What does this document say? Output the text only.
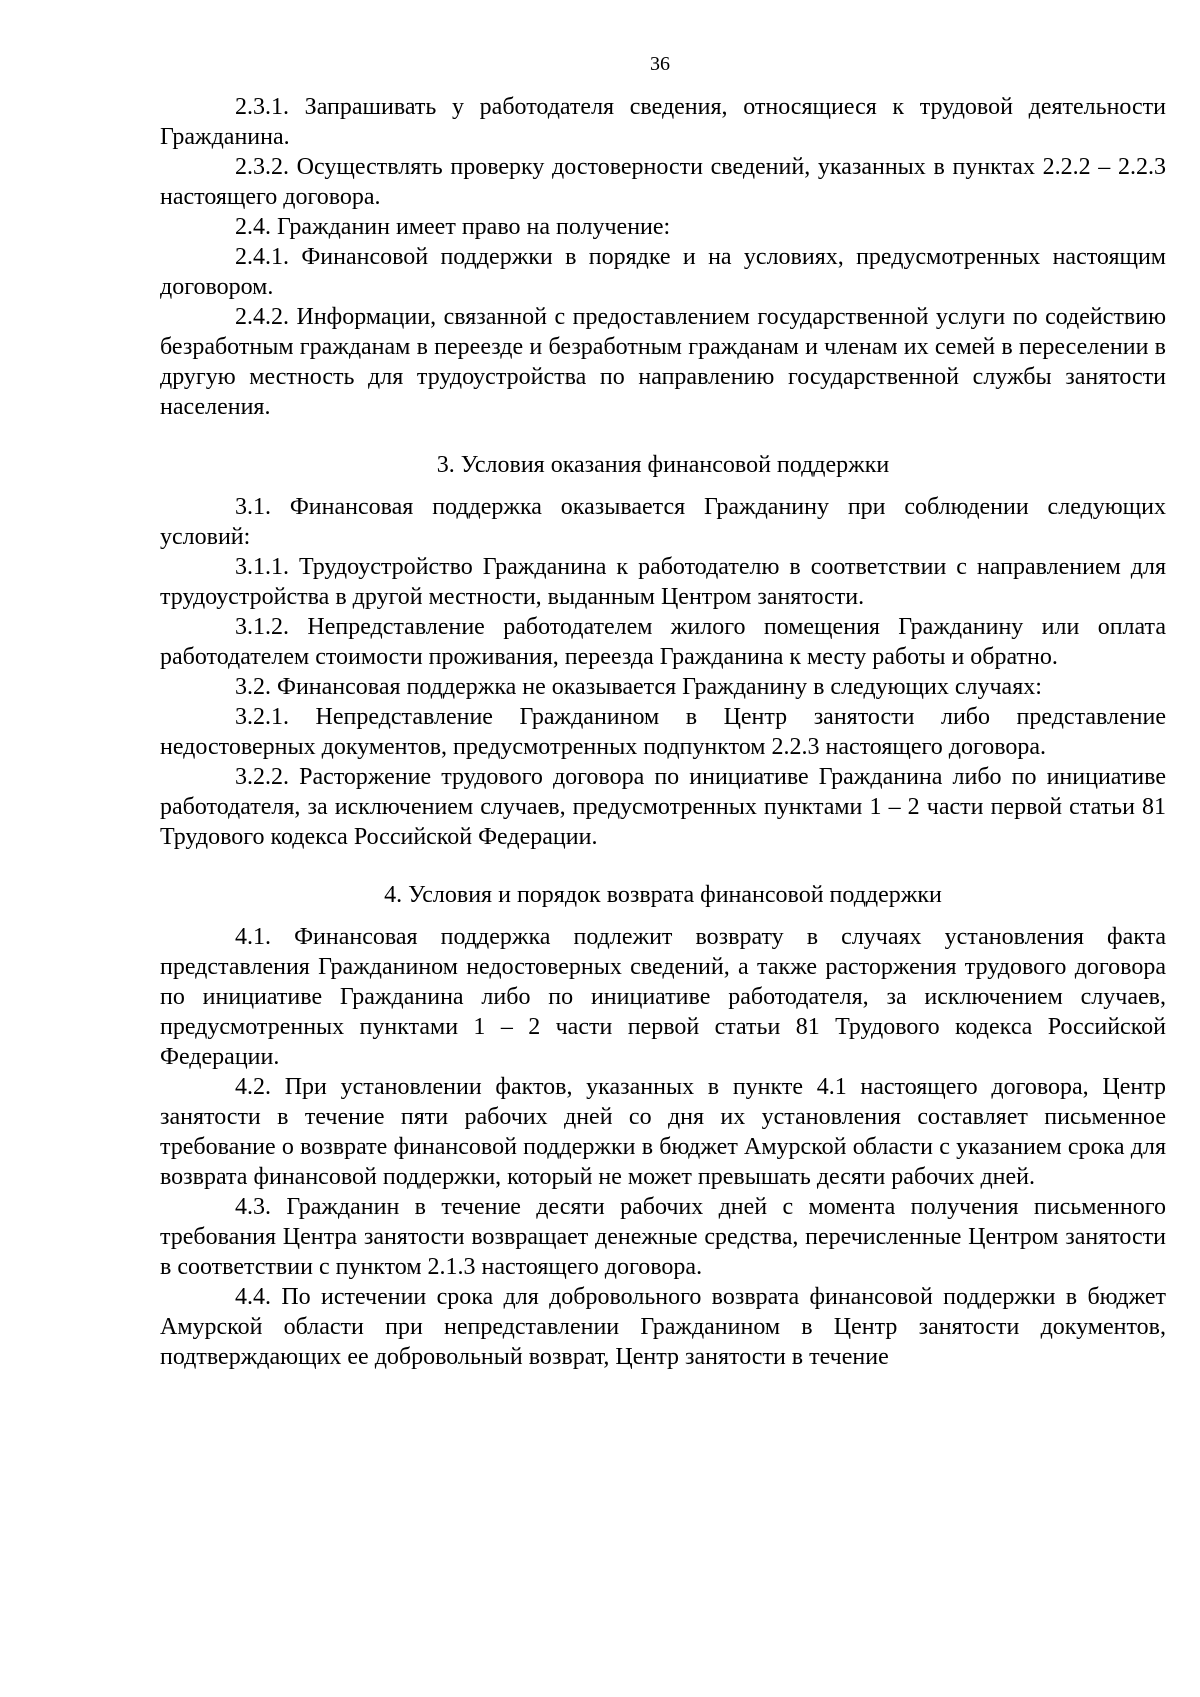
36

2.3.1. Запрашивать у работодателя сведения, относящиеся к трудовой деятельности Гражданина.

2.3.2. Осуществлять проверку достоверности сведений, указанных в пунктах 2.2.2 – 2.2.3 настоящего договора.

2.4. Гражданин имеет право на получение:

2.4.1. Финансовой поддержки в порядке и на условиях, предусмотренных настоящим договором.

2.4.2. Информации, связанной с предоставлением государственной услуги по содействию безработным гражданам в переезде и безработным гражданам и членам их семей в переселении в другую местность для трудоустройства по направлению государственной службы занятости населения.

3. Условия оказания финансовой поддержки

3.1. Финансовая поддержка оказывается Гражданину при соблюдении следующих условий:

3.1.1. Трудоустройство Гражданина к работодателю в соответствии с направлением для трудоустройства в другой местности, выданным Центром занятости.

3.1.2. Непредставление работодателем жилого помещения Гражданину или оплата работодателем стоимости проживания, переезда Гражданина к месту работы и обратно.

3.2. Финансовая поддержка не оказывается Гражданину в следующих случаях:

3.2.1. Непредставление Гражданином в Центр занятости либо представление недостоверных документов, предусмотренных подпунктом 2.2.3 настоящего договора.

3.2.2. Расторжение трудового договора по инициативе Гражданина либо по инициативе работодателя, за исключением случаев, предусмотренных пунктами 1 – 2 части первой статьи 81 Трудового кодекса Российской Федерации.

4. Условия и порядок возврата финансовой поддержки

4.1. Финансовая поддержка подлежит возврату в случаях установления факта представления Гражданином недостоверных сведений, а также расторжения трудового договора по инициативе Гражданина либо по инициативе работодателя, за исключением случаев, предусмотренных пунктами 1 – 2 части первой статьи 81 Трудового кодекса Российской Федерации.

4.2. При установлении фактов, указанных в пункте 4.1 настоящего договора, Центр занятости в течение пяти рабочих дней со дня их установления составляет письменное требование о возврате финансовой поддержки в бюджет Амурской области с указанием срока для возврата финансовой поддержки, который не может превышать десяти рабочих дней.

4.3. Гражданин в течение десяти рабочих дней с момента получения письменного требования Центра занятости возвращает денежные средства, перечисленные Центром занятости в соответствии с пунктом 2.1.3 настоящего договора.

4.4. По истечении срока для добровольного возврата финансовой поддержки в бюджет Амурской области при непредставлении Гражданином в Центр занятости документов, подтверждающих ее добровольный возврат, Центр занятости в течение
